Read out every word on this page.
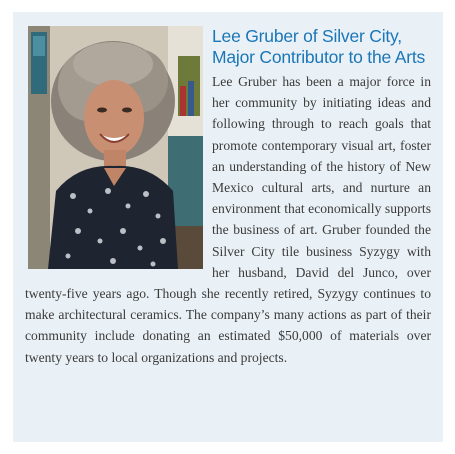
Lee Gruber of Silver City,
Major Contributor to the Arts
Lee Gruber has been a major force in her community by initiating ideas and following through to reach goals that promote contemporary visual art, foster an understanding of the history of New Mexico cultural arts, and nurture an environment that economically supports the business of art. Gruber founded the Silver City tile business Syzygy with her husband, David del Junco, over twenty-five years ago. Though she recently retired, Syzygy continues to make architectural ceramics. The company’s many actions as part of their community include donating an estimated $50,000 of materials over twenty years to local organizations and projects.
